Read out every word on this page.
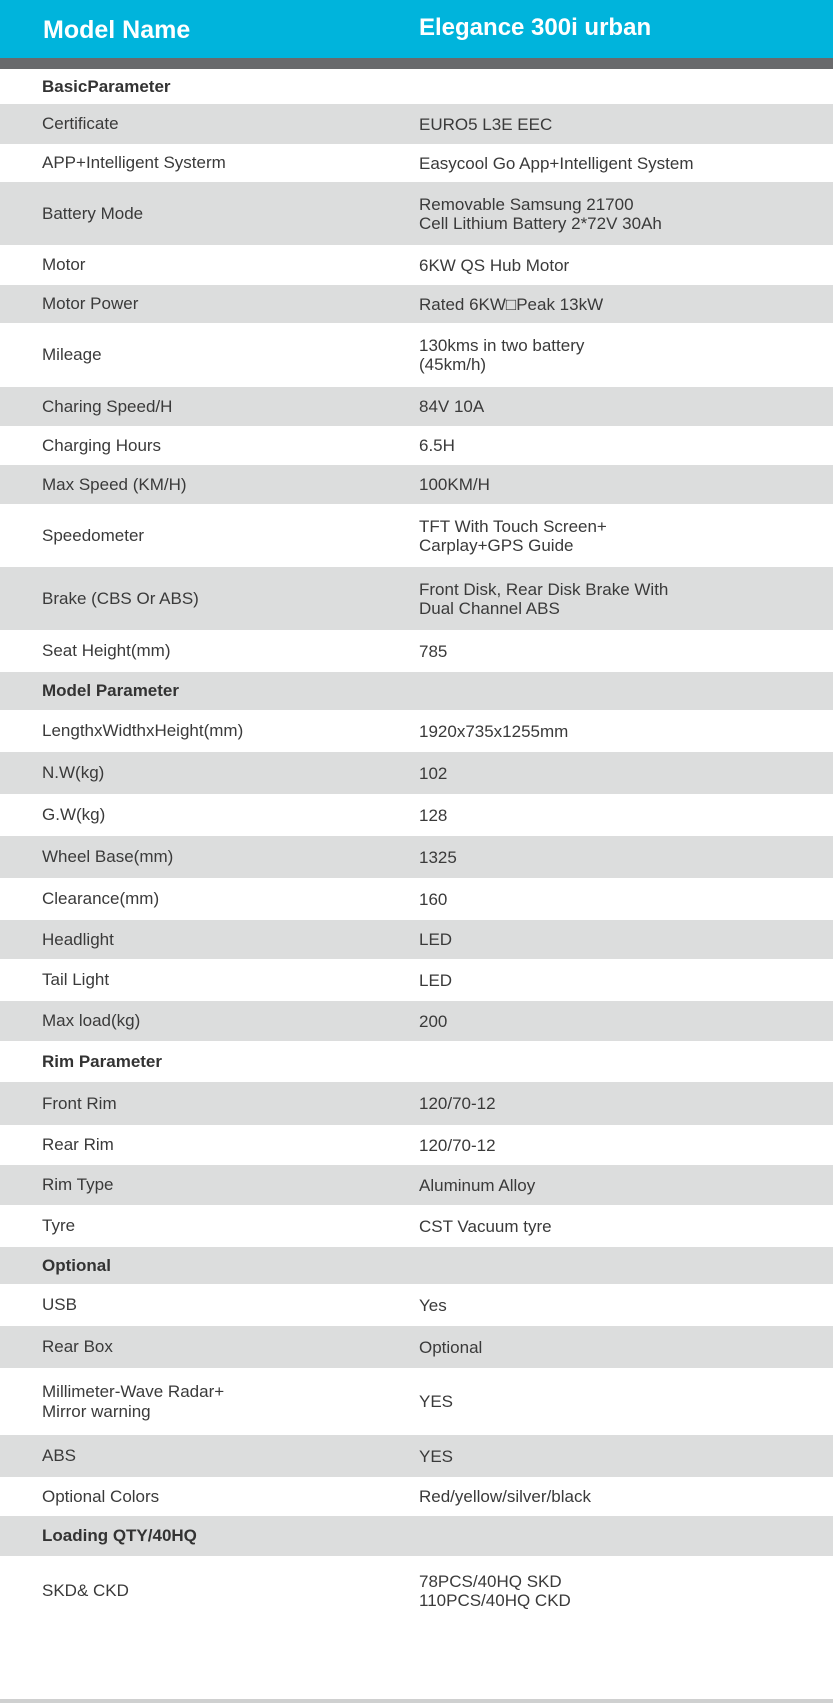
Model Name	Elegance 300i urban
BasicParameter
Certificate	EURO5 L3E EEC
APP+Intelligent Systerm	Easycool Go App+Intelligent System
Battery Mode	Removable Samsung 21700
Cell Lithium Battery 2*72V 30Ah
Motor	6KW QS Hub Motor
Motor Power	Rated 6KW□Peak 13kW
Mileage	130kms in two battery
(45km/h)
Charing Speed/H	84V 10A
Charging Hours	6.5H
Max Speed (KM/H)	100KM/H
Speedometer	TFT With Touch Screen+
Carplay+GPS Guide
Brake (CBS Or ABS)	Front Disk, Rear Disk Brake With
Dual Channel ABS
Seat Height(mm)	785
Model Parameter
LengthxWidthxHeight(mm)	1920x735x1255mm
N.W(kg)	102
G.W(kg)	128
Wheel Base(mm)	1325
Clearance(mm)	160
Headlight	LED
Tail Light	LED
Max load(kg)	200
Rim Parameter
Front Rim	120/70-12
Rear Rim	120/70-12
Rim Type	Aluminum Alloy
Tyre	CST Vacuum tyre
Optional
USB	Yes
Rear Box	Optional
Millimeter-Wave Radar+
Mirror warning	YES
ABS	YES
Optional Colors	Red/yellow/silver/black
Loading QTY/40HQ
SKD& CKD	78PCS/40HQ SKD
110PCS/40HQ CKD
